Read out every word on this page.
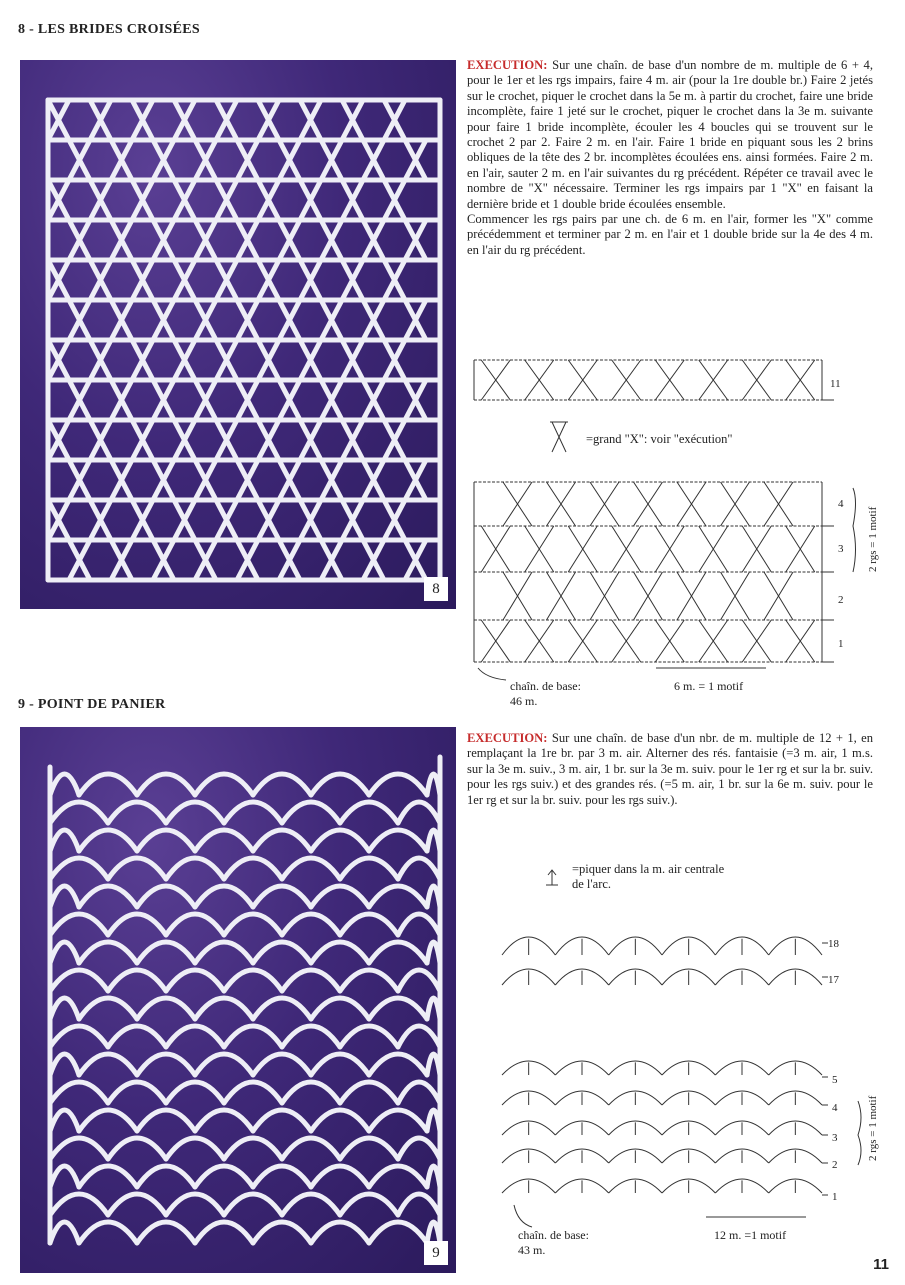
8 - LES BRIDES CROISÉES
8
EXECUTION: Sur une chaîn. de base d'un nombre de m. multiple de 6 + 4, pour le 1er et les rgs impairs, faire 4 m. air (pour la 1re double br.) Faire 2 jetés sur le crochet, piquer le crochet dans la 5e m. à partir du crochet, faire une bride incomplète, faire 1 jeté sur le crochet, piquer le crochet dans la 3e m. suivante pour faire 1 bride incomplète, écouler les 4 boucles qui se trouvent sur le crochet 2 par 2. Faire 2 m. en l'air. Faire 1 bride en piquant sous les 2 brins obliques de la tête des 2 br. incomplètes écoulées ens. ainsi formées. Faire 2 m. en l'air, sauter 2 m. en l'air suivantes du rg précédent. Répéter ce travail avec le nombre de "X" nécessaire. Terminer les rgs impairs par 1 "X" en faisant la dernière bride et 1 double bride écoulées ensemble.
Commencer les rgs pairs par une ch. de 6 m. en l'air, former les "X" comme précédemment et terminer par 2 m. en l'air et 1 double bride sur la 4e des 4 m. en l'air du rg précédent.
=grand "X": voir "exécution"
11
4
3
2
1
2 rgs = 1 motif
chaîn. de base:
46 m.
6 m. = 1 motif
9 - POINT DE PANIER
9
EXECUTION: Sur une chaîn. de base d'un nbr. de m. multiple de 12 + 1, en remplaçant la 1re br. par 3 m. air. Alterner des rés. fantaisie (=3 m. air, 1 m.s. sur la 3e m. suiv., 3 m. air, 1 br. sur la 3e m. suiv. pour le 1er rg et sur la br. suiv. pour les rgs suiv.) et des grandes rés. (=5 m. air, 1 br. sur la 6e m. suiv. pour le 1er rg et sur la br. suiv. pour les rgs suiv.).
=piquer dans la m. air centrale
de l'arc.
18
17
5
4
3
2
1
2 rgs = 1 motif
chaîn. de base:
43 m.
12 m. =1 motif
11
